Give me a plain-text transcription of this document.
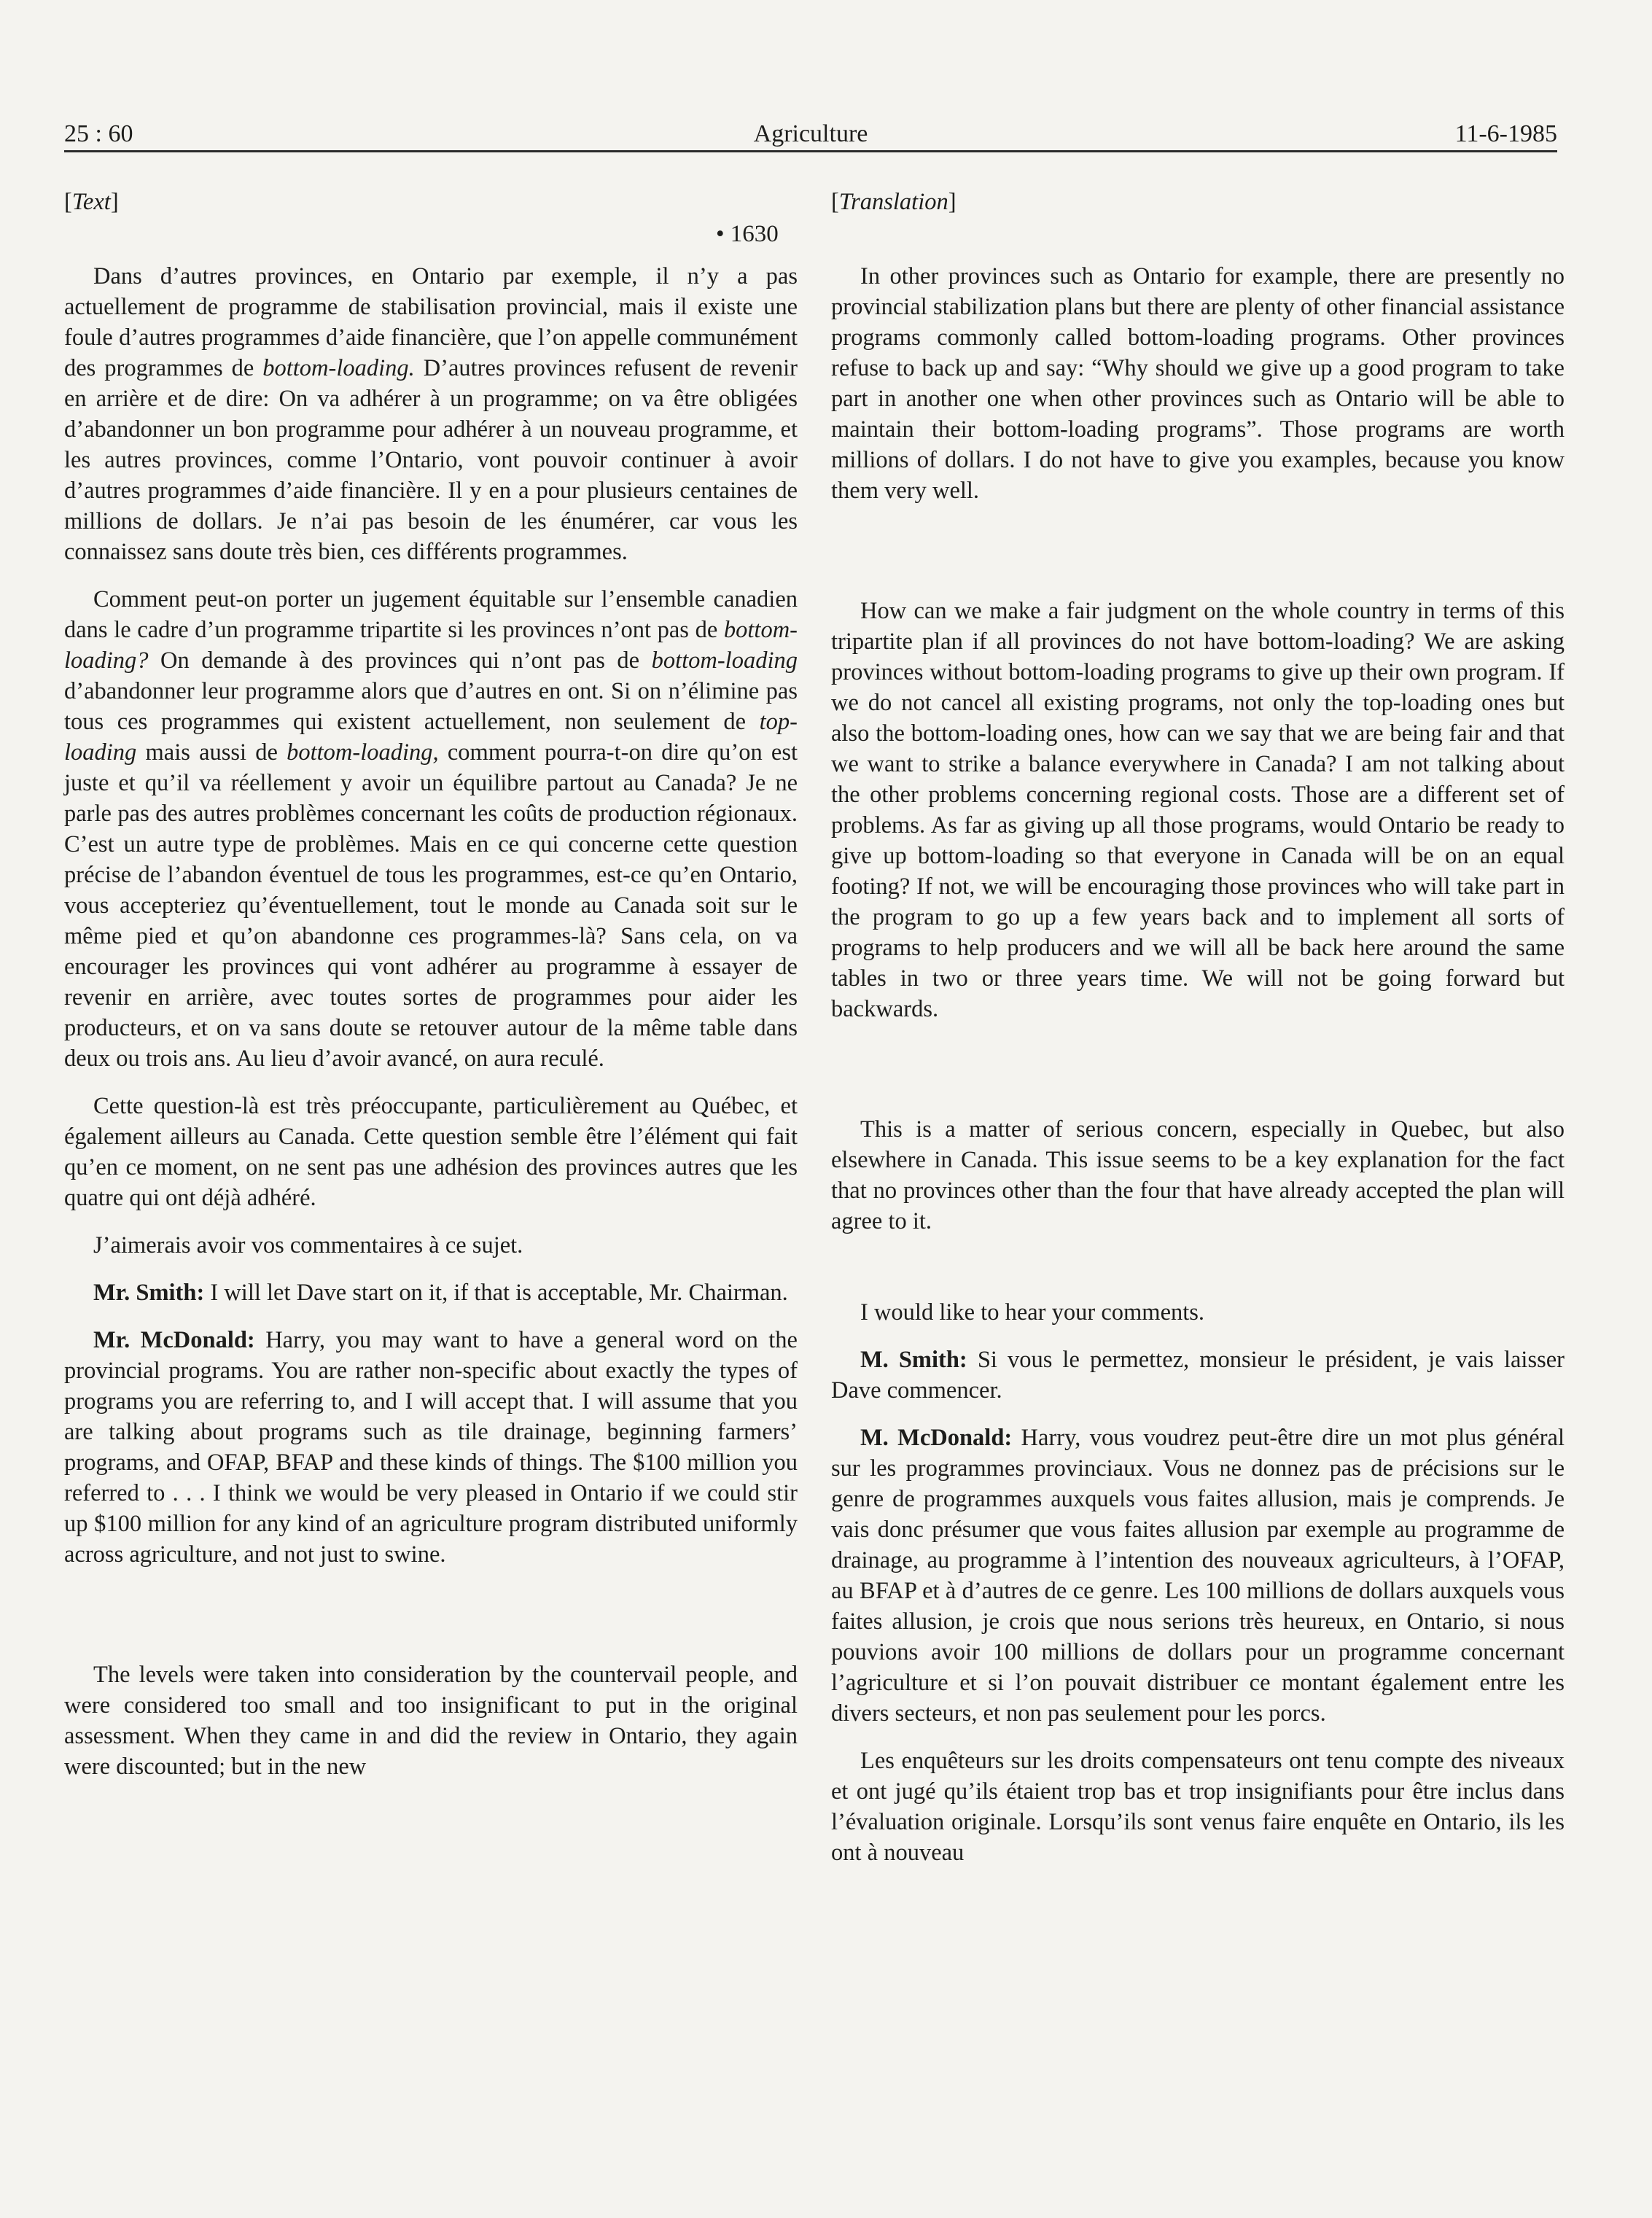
25 : 60	Agriculture	11-6-1985
• 1630

[Text]

Dans d’autres provinces, en Ontario par exemple, il n’y a pas actuellement de programme de stabilisation provincial, mais il existe une foule d’autres programmes d’aide financière, que l’on appelle communément des programmes de bottom-loading. D’autres provinces refusent de revenir en arrière et de dire: On va adhérer à un programme; on va être obligées d’abandonner un bon programme pour adhérer à un nouveau programme, et les autres provinces, comme l’Ontario, vont pouvoir continuer à avoir d’autres programmes d’aide financière. Il y en a pour plusieurs centaines de millions de dollars. Je n’ai pas besoin de les énumérer, car vous les connaissez sans doute très bien, ces différents programmes.

Comment peut-on porter un jugement équitable sur l’ensemble canadien dans le cadre d’un programme tripartite si les provinces n’ont pas de bottom-loading? On demande à des provinces qui n’ont pas de bottom-loading d’abandonner leur programme alors que d’autres en ont. Si on n’élimine pas tous ces programmes qui existent actuellement, non seulement de top-loading mais aussi de bottom-loading, comment pourra-t-on dire qu’on est juste et qu’il va réellement y avoir un équilibre partout au Canada? Je ne parle pas des autres problèmes concernant les coûts de production régionaux. C’est un autre type de problèmes. Mais en ce qui concerne cette question précise de l’abandon éventuel de tous les programmes, est-ce qu’en Ontario, vous accepteriez qu’éventuellement, tout le monde au Canada soit sur le même pied et qu’on abandonne ces programmes-là? Sans cela, on va encourager les provinces qui vont adhérer au programme à essayer de revenir en arrière, avec toutes sortes de programmes pour aider les producteurs, et on va sans doute se retouver autour de la même table dans deux ou trois ans. Au lieu d’avoir avancé, on aura reculé.

Cette question-là est très préoccupante, particulièrement au Québec, et également ailleurs au Canada. Cette question semble être l’élément qui fait qu’en ce moment, on ne sent pas une adhésion des provinces autres que les quatre qui ont déjà adhéré.

J’aimerais avoir vos commentaires à ce sujet.

Mr. Smith: I will let Dave start on it, if that is acceptable, Mr. Chairman.

Mr. McDonald: Harry, you may want to have a general word on the provincial programs. You are rather non-specific about exactly the types of programs you are referring to, and I will accept that. I will assume that you are talking about programs such as tile drainage, beginning farmers’ programs, and OFAP, BFAP and these kinds of things. The $100 million you referred to . . . I think we would be very pleased in Ontario if we could stir up $100 million for any kind of an agriculture program distributed uniformly across agriculture, and not just to swine.

The levels were taken into consideration by the countervail people, and were considered too small and too insignificant to put in the original assessment. When they came in and did the review in Ontario, they again were discounted; but in the new

[Translation]

In other provinces such as Ontario for example, there are presently no provincial stabilization plans but there are plenty of other financial assistance programs commonly called bottom-loading programs. Other provinces refuse to back up and say: “Why should we give up a good program to take part in another one when other provinces such as Ontario will be able to maintain their bottom-loading programs”. Those programs are worth millions of dollars. I do not have to give you examples, because you know them very well.

How can we make a fair judgment on the whole country in terms of this tripartite plan if all provinces do not have bottom-loading? We are asking provinces without bottom-loading programs to give up their own program. If we do not cancel all existing programs, not only the top-loading ones but also the bottom-loading ones, how can we say that we are being fair and that we want to strike a balance everywhere in Canada? I am not talking about the other problems concerning regional costs. Those are a different set of problems. As far as giving up all those programs, would Ontario be ready to give up bottom-loading so that everyone in Canada will be on an equal footing? If not, we will be encouraging those provinces who will take part in the program to go up a few years back and to implement all sorts of programs to help producers and we will all be back here around the same tables in two or three years time. We will not be going forward but backwards.

This is a matter of serious concern, especially in Quebec, but also elsewhere in Canada. This issue seems to be a key explanation for the fact that no provinces other than the four that have already accepted the plan will agree to it.

I would like to hear your comments.

M. Smith: Si vous le permettez, monsieur le président, je vais laisser Dave commencer.

M. McDonald: Harry, vous voudrez peut-être dire un mot plus général sur les programmes provinciaux. Vous ne donnez pas de précisions sur le genre de programmes auxquels vous faites allusion, mais je comprends. Je vais donc présumer que vous faites allusion par exemple au programme de drainage, au programme à l’intention des nouveaux agriculteurs, à l’OFAP, au BFAP et à d’autres de ce genre. Les 100 millions de dollars auxquels vous faites allusion, je crois que nous serions très heureux, en Ontario, si nous pouvions avoir 100 millions de dollars pour un programme concernant l’agriculture et si l’on pouvait distribuer ce montant également entre les divers secteurs, et non pas seulement pour les porcs.

Les enquêteurs sur les droits compensateurs ont tenu compte des niveaux et ont jugé qu’ils étaient trop bas et trop insignifiants pour être inclus dans l’évaluation originale. Lorsqu’ils sont venus faire enquête en Ontario, ils les ont à nouveau
